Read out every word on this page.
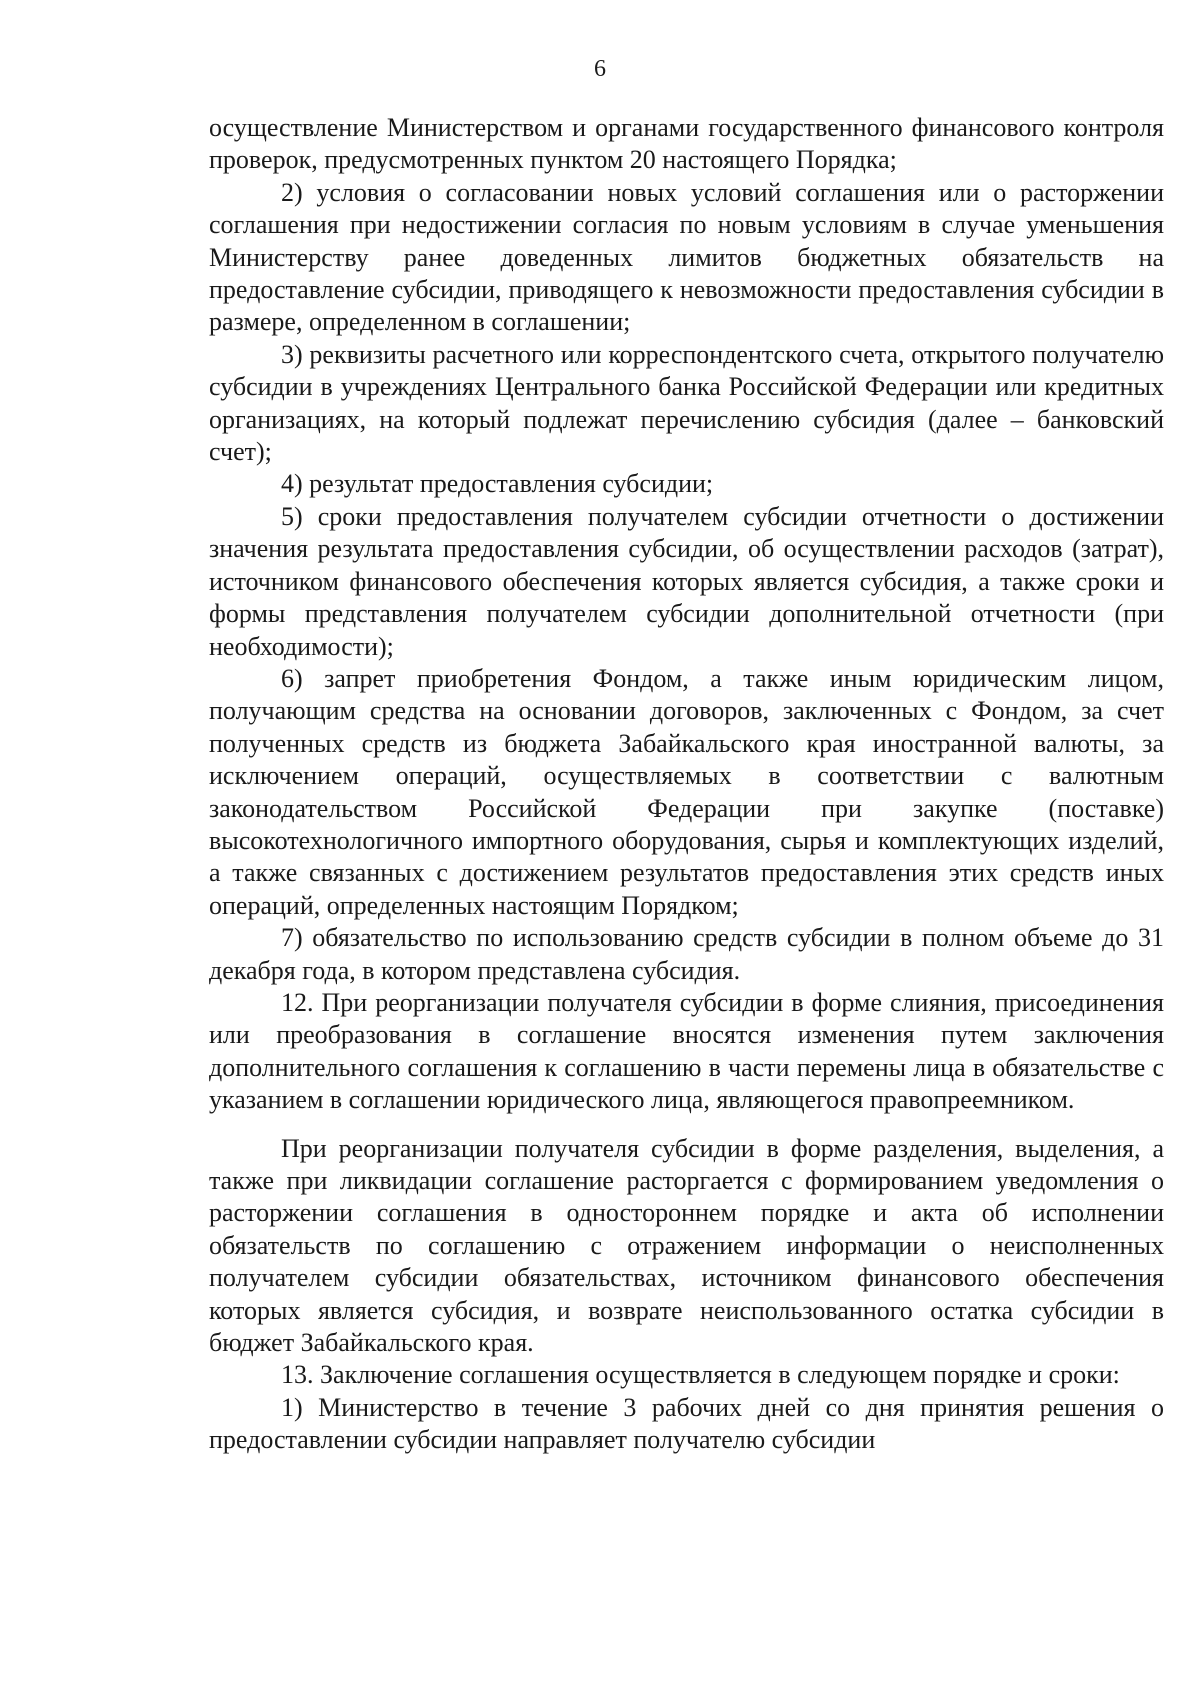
6

осуществление Министерством и органами государственного финансового контроля проверок, предусмотренных пунктом 20 настоящего Порядка;

2) условия о согласовании новых условий соглашения или о расторжении соглашения при недостижении согласия по новым условиям в случае уменьшения Министерству ранее доведенных лимитов бюджетных обязательств на предоставление субсидии, приводящего к невозможности предоставления субсидии в размере, определенном в соглашении;

3) реквизиты расчетного или корреспондентского счета, открытого получателю субсидии в учреждениях Центрального банка Российской Федерации или кредитных организациях, на который подлежат перечислению субсидия (далее – банковский счет);

4) результат предоставления субсидии;

5) сроки предоставления получателем субсидии отчетности о достижении значения результата предоставления субсидии, об осуществлении расходов (затрат), источником финансового обеспечения которых является субсидия, а также сроки и формы представления получателем субсидии дополнительной отчетности (при необходимости);

6) запрет приобретения Фондом, а также иным юридическим лицом, получающим средства на основании договоров, заключенных с Фондом, за счет полученных средств из бюджета Забайкальского края иностранной валюты, за исключением операций, осуществляемых в соответствии с валютным законодательством Российской Федерации при закупке (поставке) высокотехнологичного импортного оборудования, сырья и комплектующих изделий, а также связанных с достижением результатов предоставления этих средств иных операций, определенных настоящим Порядком;

7) обязательство по использованию средств субсидии в полном объеме до 31 декабря года, в котором представлена субсидия.

12. При реорганизации получателя субсидии в форме слияния, присоединения или преобразования в соглашение вносятся изменения путем заключения дополнительного соглашения к соглашению в части перемены лица в обязательстве с указанием в соглашении юридического лица, являющегося правопреемником.

При реорганизации получателя субсидии в форме разделения, выделения, а также при ликвидации соглашение расторгается с формированием уведомления о расторжении соглашения в одностороннем порядке и акта об исполнении обязательств по соглашению с отражением информации о неисполненных получателем субсидии обязательствах, источником финансового обеспечения которых является субсидия, и возврате неиспользованного остатка субсидии в бюджет Забайкальского края.

13. Заключение соглашения осуществляется в следующем порядке и сроки:

1) Министерство в течение 3 рабочих дней со дня принятия решения о предоставлении субсидии направляет получателю субсидии
